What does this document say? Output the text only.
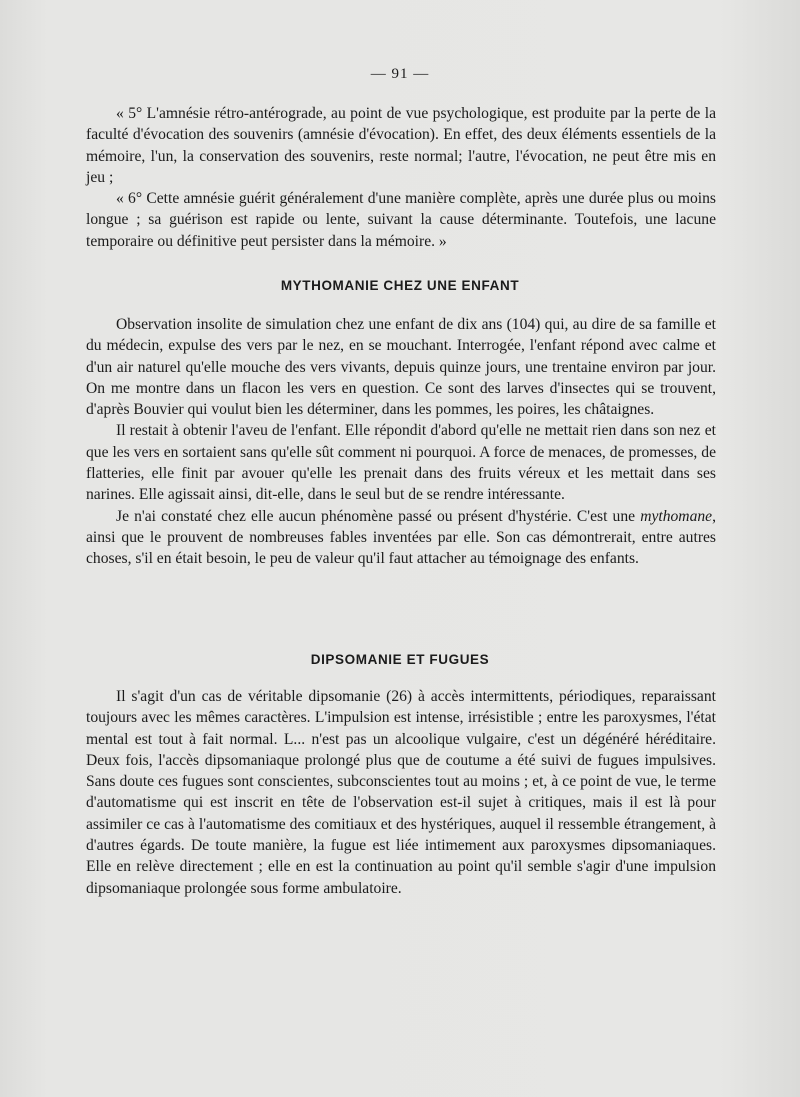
— 91 —

« 5° L'amnésie rétro-antérograde, au point de vue psychologique, est produite par la perte de la faculté d'évocation des souvenirs (amnésie d'évocation). En effet, des deux éléments essentiels de la mémoire, l'un, la conservation des souvenirs, reste normal; l'autre, l'évocation, ne peut être mis en jeu ;

« 6° Cette amnésie guérit généralement d'une manière complète, après une durée plus ou moins longue ; sa guérison est rapide ou lente, suivant la cause déterminante. Toutefois, une lacune temporaire ou définitive peut persister dans la mémoire. »

MYTHOMANIE CHEZ UNE ENFANT

Observation insolite de simulation chez une enfant de dix ans (104) qui, au dire de sa famille et du médecin, expulse des vers par le nez, en se mouchant. Interrogée, l'enfant répond avec calme et d'un air naturel qu'elle mouche des vers vivants, depuis quinze jours, une trentaine environ par jour. On me montre dans un flacon les vers en question. Ce sont des larves d'insectes qui se trouvent, d'après Bouvier qui voulut bien les déterminer, dans les pommes, les poires, les châtaignes.

Il restait à obtenir l'aveu de l'enfant. Elle répondit d'abord qu'elle ne mettait rien dans son nez et que les vers en sortaient sans qu'elle sût comment ni pourquoi. A force de menaces, de promesses, de flatteries, elle finit par avouer qu'elle les prenait dans des fruits véreux et les mettait dans ses narines. Elle agissait ainsi, dit-elle, dans le seul but de se rendre intéressante.

Je n'ai constaté chez elle aucun phénomène passé ou présent d'hystérie. C'est une mythomane, ainsi que le prouvent de nombreuses fables inventées par elle. Son cas démontrerait, entre autres choses, s'il en était besoin, le peu de valeur qu'il faut attacher au témoignage des enfants.

DIPSOMANIE ET FUGUES

Il s'agit d'un cas de véritable dipsomanie (26) à accès intermittents, périodiques, reparaissant toujours avec les mêmes caractères. L'impulsion est intense, irrésistible ; entre les paroxysmes, l'état mental est tout à fait normal. L... n'est pas un alcoolique vulgaire, c'est un dégénéré héréditaire. Deux fois, l'accès dipsomaniaque prolongé plus que de coutume a été suivi de fugues impulsives. Sans doute ces fugues sont conscientes, subconscientes tout au moins ; et, à ce point de vue, le terme d'automatisme qui est inscrit en tête de l'observation est-il sujet à critiques, mais il est là pour assimiler ce cas à l'automatisme des comitiaux et des hystériques, auquel il ressemble étrangement, à d'autres égards. De toute manière, la fugue est liée intimement aux paroxysmes dipsomaniaques. Elle en relève directement ; elle en est la continuation au point qu'il semble s'agir d'une impulsion dipsomaniaque prolongée sous forme ambulatoire.
